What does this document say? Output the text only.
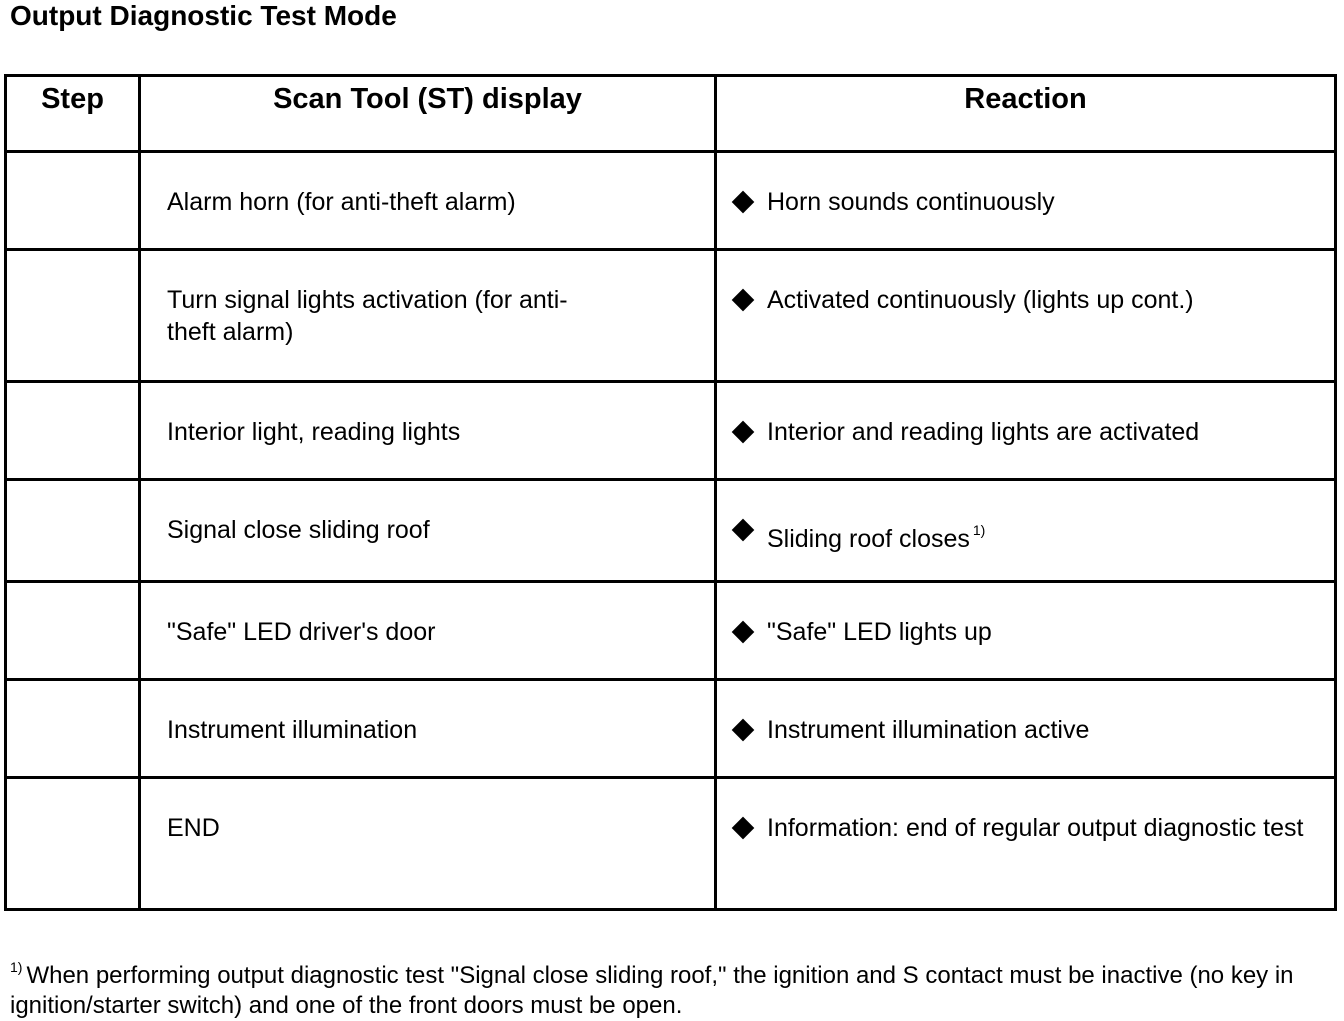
Output Diagnostic Test Mode
Step	Scan Tool (ST) display	Reaction
	Alarm horn (for anti-theft alarm)	Horn sounds continuously

	Turn signal lights activation (for anti-theft alarm)	Activated continuously (lights up cont.)

	Interior light, reading lights	Interior and reading lights are activated

	Signal close sliding roof	Sliding roof closes $^{1)}$

	"Safe" LED driver's door	"Safe" LED lights up

	Instrument illumination	Instrument illumination active

	END	Information: end of regular output diagnostic test
$^{1)}$ When performing output diagnostic test "Signal close sliding roof," the ignition and S contact must be inactive (no key in ignition/starter switch) and one of the front doors must be open.
